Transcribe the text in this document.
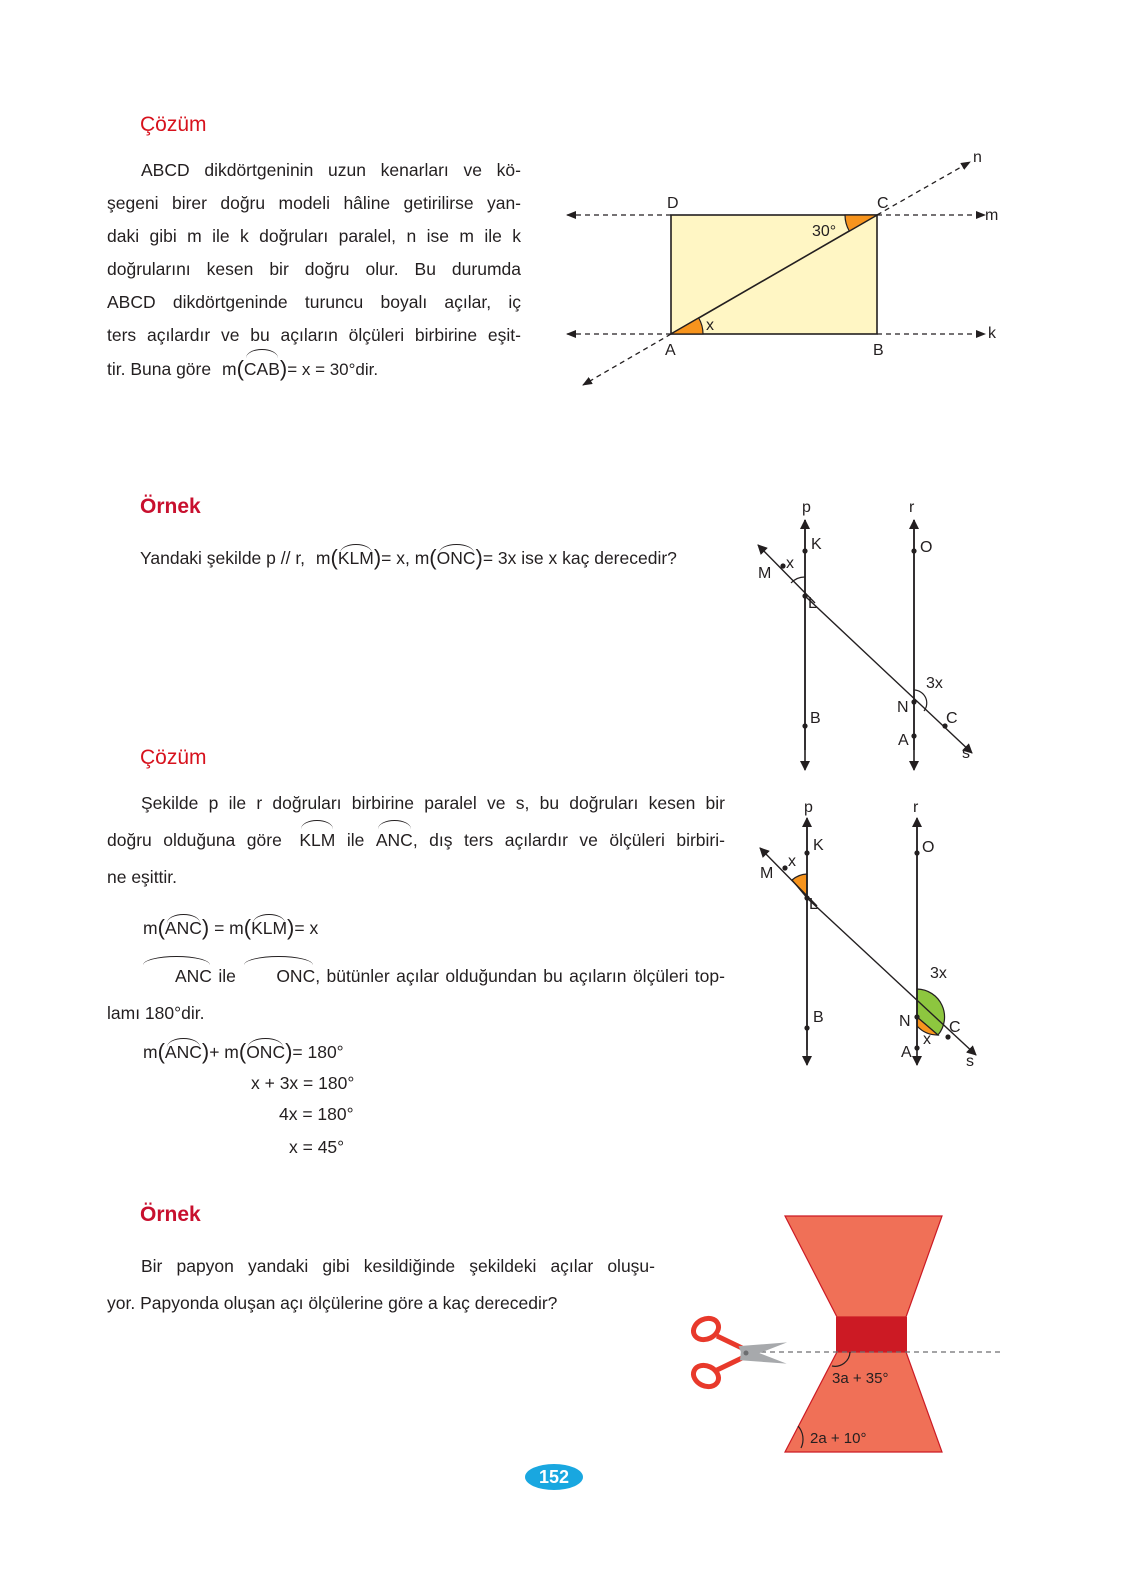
Çözüm
ABCD dikdörtgeninin uzun kenarları ve kö-
şegeni birer doğru modeli hâline getirilirse yan-
daki gibi m ile k doğruları paralel, n ise m ile k
doğrularını kesen bir doğru olur. Bu durumda
ABCD dikdörtgeninde turuncu boyalı açılar, iç
ters açılardır ve bu açıların ölçüleri birbirine eşit-
tir. Buna göre m(CAB)= x = 30°dir.
D	C
A	B
m
k
n
30°
x
Örnek
Yandaki şekilde p // r, m(KLM)= x, m(ONC)= 3x ise x kaç derecedir?
p	r
K	O
M
x
L
3x
N
B
A
C
s
Çözüm
Şekilde p ile r doğruları birbirine paralel ve s, bu doğruları kesen bir
doğru olduğuna göre KLM ile ANC, dış ters açılardır ve ölçüleri birbiri-
ne eşittir.
m(ANC) = m(KLM)= x
ANC ile ONC, bütünler açılar olduğundan bu açıların ölçüleri top-
lamı 180°dir.
m(ANC)+ m(ONC)= 180°
x + 3x = 180°
4x = 180°
x = 45°
p	r
K	O
M
x
L
3x
N
B
A
x
C
s
Örnek
Bir papyon yandaki gibi kesildiğinde şekildeki açılar oluşu-
yor. Papyonda oluşan açı ölçülerine göre a kaç derecedir?
3a + 35°
2a + 10°
152
